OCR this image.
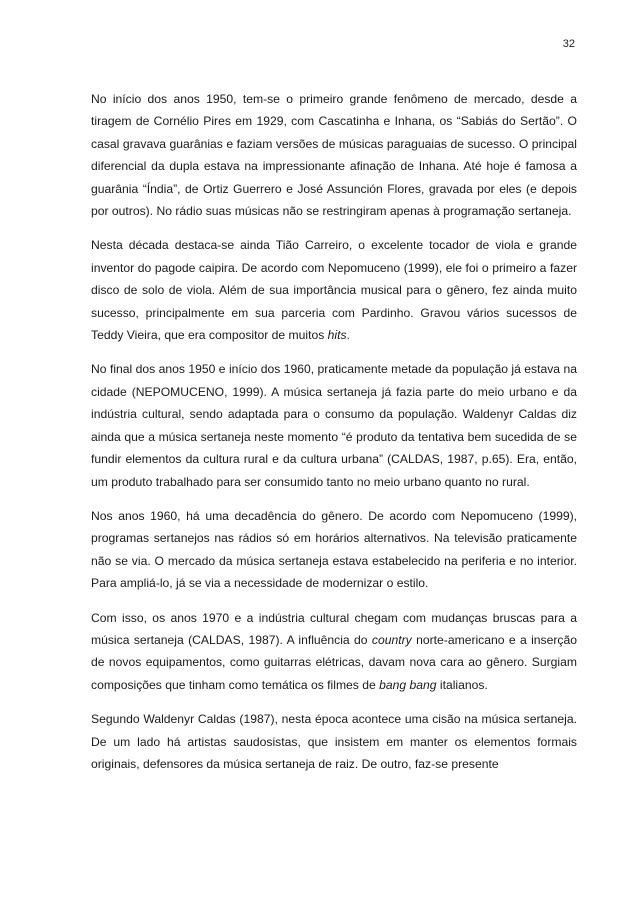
32

No início dos anos 1950, tem-se o primeiro grande fenômeno de mercado, desde a tiragem de Cornélio Pires em 1929, com Cascatinha e Inhana, os “Sabiás do Sertão”. O casal gravava guarânias e faziam versões de músicas paraguaias de sucesso. O principal diferencial da dupla estava na impressionante afinação de Inhana. Até hoje é famosa a guarânia “Índia”, de Ortiz Guerrero e José Assunción Flores, gravada por eles (e depois por outros). No rádio suas músicas não se restringiram apenas à programação sertaneja.

Nesta década destaca-se ainda Tião Carreiro, o excelente tocador de viola e grande inventor do pagode caipira. De acordo com Nepomuceno (1999), ele foi o primeiro a fazer disco de solo de viola. Além de sua importância musical para o gênero, fez ainda muito sucesso, principalmente em sua parceria com Pardinho. Gravou vários sucessos de Teddy Vieira, que era compositor de muitos hits.

No final dos anos 1950 e início dos 1960, praticamente metade da população já estava na cidade (NEPOMUCENO, 1999). A música sertaneja já fazia parte do meio urbano e da indústria cultural, sendo adaptada para o consumo da população. Waldenyr Caldas diz ainda que a música sertaneja neste momento “é produto da tentativa bem sucedida de se fundir elementos da cultura rural e da cultura urbana” (CALDAS, 1987, p.65). Era, então, um produto trabalhado para ser consumido tanto no meio urbano quanto no rural.

Nos anos 1960, há uma decadência do gênero. De acordo com Nepomuceno (1999), programas sertanejos nas rádios só em horários alternativos. Na televisão praticamente não se via. O mercado da música sertaneja estava estabelecido na periferia e no interior. Para ampliá-lo, já se via a necessidade de modernizar o estilo.

Com isso, os anos 1970 e a indústria cultural chegam com mudanças bruscas para a música sertaneja (CALDAS, 1987). A influência do country norte-americano e a inserção de novos equipamentos, como guitarras elétricas, davam nova cara ao gênero. Surgiam composições que tinham como temática os filmes de bang bang italianos.

Segundo Waldenyr Caldas (1987), nesta época acontece uma cisão na música sertaneja. De um lado há artistas saudosistas, que insistem em manter os elementos formais originais, defensores da música sertaneja de raiz. De outro, faz-se presente
